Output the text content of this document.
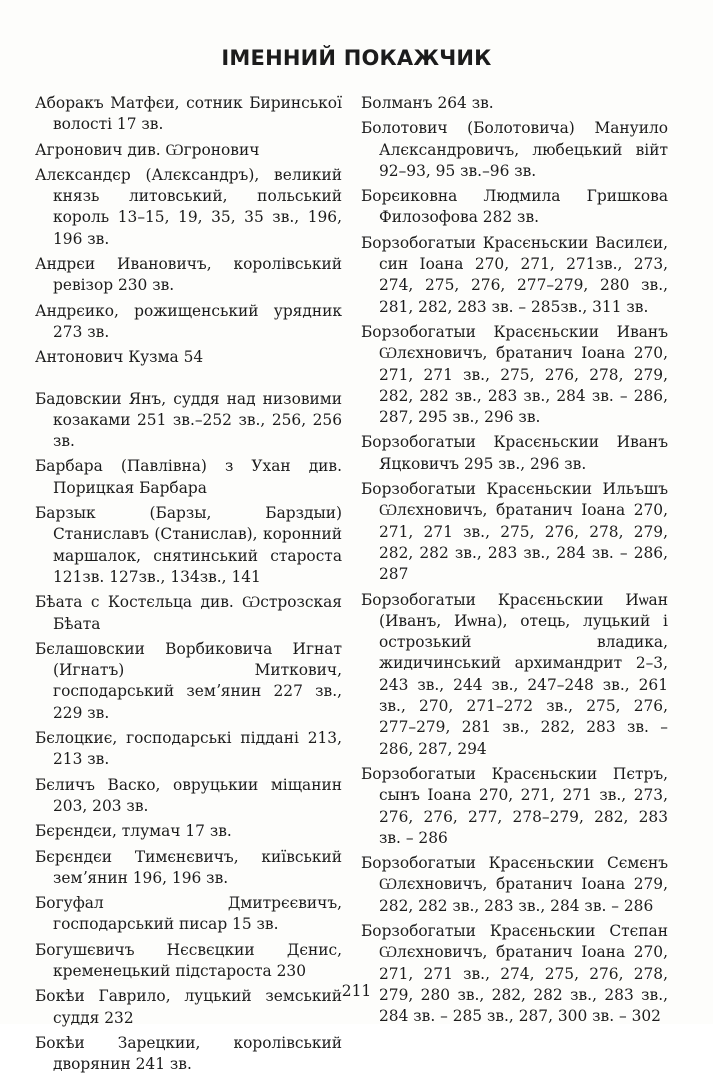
ІМЕННИЙ ПОКАЖЧИК

Аборакъ Матфєи, сотник Биринської волості 17 зв.

Агронович див. Ѡгронович

Алєксандєр (Алєксандръ), великий князь литовський, польський король 13–15, 19, 35, 35 зв., 196, 196 зв.

Андрєи Ивановичъ, королівський ревізор 230 зв.

Андрєико, рожищенський урядник 273 зв.

Антонович Кузма 54

Бадовскии Янъ, суддя над низовими козаками 251 зв.–252 зв., 256, 256 зв.

Барбара (Павлівна) з Ухан див. Порицкая Барбара

Барзык (Барзы, Барздыи) Станиславъ (Станислав), коронний маршалок, снятинський староста 121зв. 127зв., 134зв., 141

Бѣата с Костєльца див. Ѡстрозская Бѣата

Бєлашовскии Ворбиковича Игнат (Игнатъ) Миткович, господарський земʼянин 227 зв., 229 зв.

Бєлоцкиє, господарські піддані 213, 213 зв.

Бєличъ Васко, овруцькии міщанин 203, 203 зв.

Бєрєндєи, тлумач 17 зв.

Бєрєндєи Тимєнєвичъ, київський земʼянин 196, 196 зв.

Богуфал Дмитрєєвичъ, господарський писар 15 зв.

Богушєвичъ Нєсвєцкии Дєнис, кременецький підстароста 230

Бокѣи Гаврило, луцький земський суддя 232

Бокѣи Зарецкии, королівський дворянин 241 зв.

Болманъ 264 зв.

Болотович (Болотовича) Мануило Алєксандровичъ, любецький війт 92–93, 95 зв.–96 зв.

Борєиковна Людмила Гришкова Филозофова 282 зв.

Борзобогатыи Красєньскии Василєи, син Іоана 270, 271, 271зв., 273, 274, 275, 276, 277–279, 280 зв., 281, 282, 283 зв. – 285зв., 311 зв.

Борзобогатыи Красєньскии Иванъ Ѡлєхновичъ, братанич Іоана 270, 271, 271 зв., 275, 276, 278, 279, 282, 282 зв., 283 зв., 284 зв. – 286, 287, 295 зв., 296 зв.

Борзобогатыи Красєньскии Иванъ Яцковичъ 295 зв., 296 зв.

Борзобогатыи Красєньскии Ильъшъ Ѡлєхновичъ, братанич Іоана 270, 271, 271 зв., 275, 276, 278, 279, 282, 282 зв., 283 зв., 284 зв. – 286, 287

Борзобогатыи Красєньскии Иѡан (Иванъ, Иѡна), отець, луцький і острозький владика, жидичинський архимандрит 2–3, 243 зв., 244 зв., 247–248 зв., 261 зв., 270, 271–272 зв., 275, 276, 277–279, 281 зв., 282, 283 зв. – 286, 287, 294

Борзобогатыи Красєньскии Пєтръ, сынъ Іоана 270, 271, 271 зв., 273, 276, 276, 277, 278–279, 282, 283 зв. – 286

Борзобогатыи Красєньскии Сємєнъ Ѡлєхновичъ, братанич Іоана 279, 282, 282 зв., 283 зв., 284 зв. – 286

Борзобогатыи Красєньскии Стєпан Ѡлєхновичъ, братанич Іоана 270, 271, 271 зв., 274, 275, 276, 278, 279, 280 зв., 282, 282 зв., 283 зв., 284 зв. – 285 зв., 287, 300 зв. – 302

211
